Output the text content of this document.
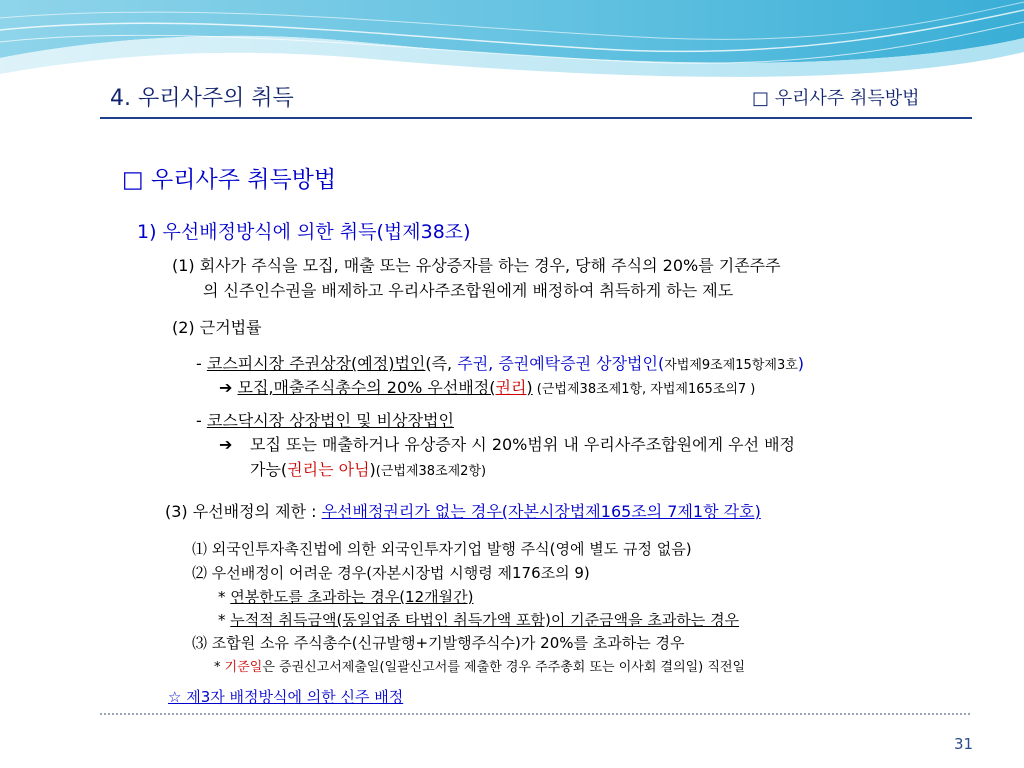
4. 우리사주의 취득	□ 우리사주 취득방법
□ 우리사주 취득방법
1) 우선배정방식에 의한 취득(법제38조)
(1) 회사가 주식을 모집, 매출 또는 유상증자를 하는 경우, 당해 주식의 20%를 기존주주
의 신주인수권을 배제하고 우리사주조합원에게 배정하여 취득하게 하는 제도
(2) 근거법률
- 코스피시장 주권상장(예정)법인(즉, 주권, 증권예탁증권 상장법인(자법제9조제15항제3호)
➔ 모집,매출주식총수의 20% 우선배정(권리) (근법제38조제1항, 자법제165조의7 )
- 코스닥시장 상장법인 및 비상장법인
➔ 모집 또는 매출하거나 유상증자 시 20%범위 내 우리사주조합원에게 우선 배정
가능(권리는 아님)(근법제38조제2항)
(3) 우선배정의 제한 : 우선배정권리가 없는 경우(자본시장법제165조의 7제1항 각호)
⑴ 외국인투자촉진법에 의한 외국인투자기업 발행 주식(영에 별도 규정 없음)
⑵ 우선배정이 어려운 경우(자본시장법 시행령 제176조의 9)
* 연봉한도를 초과하는 경우(12개월간)
* 누적적 취득금액(동일업종 타법인 취득가액 포함)이 기준금액을 초과하는 경우
⑶ 조합원 소유 주식총수(신규발행+기발행주식수)가 20%를 초과하는 경우
* 기준일은 증권신고서제출일(일괄신고서를 제출한 경우 주주총회 또는 이사회 결의일) 직전일
☆ 제3자 배정방식에 의한 신주 배정
31
